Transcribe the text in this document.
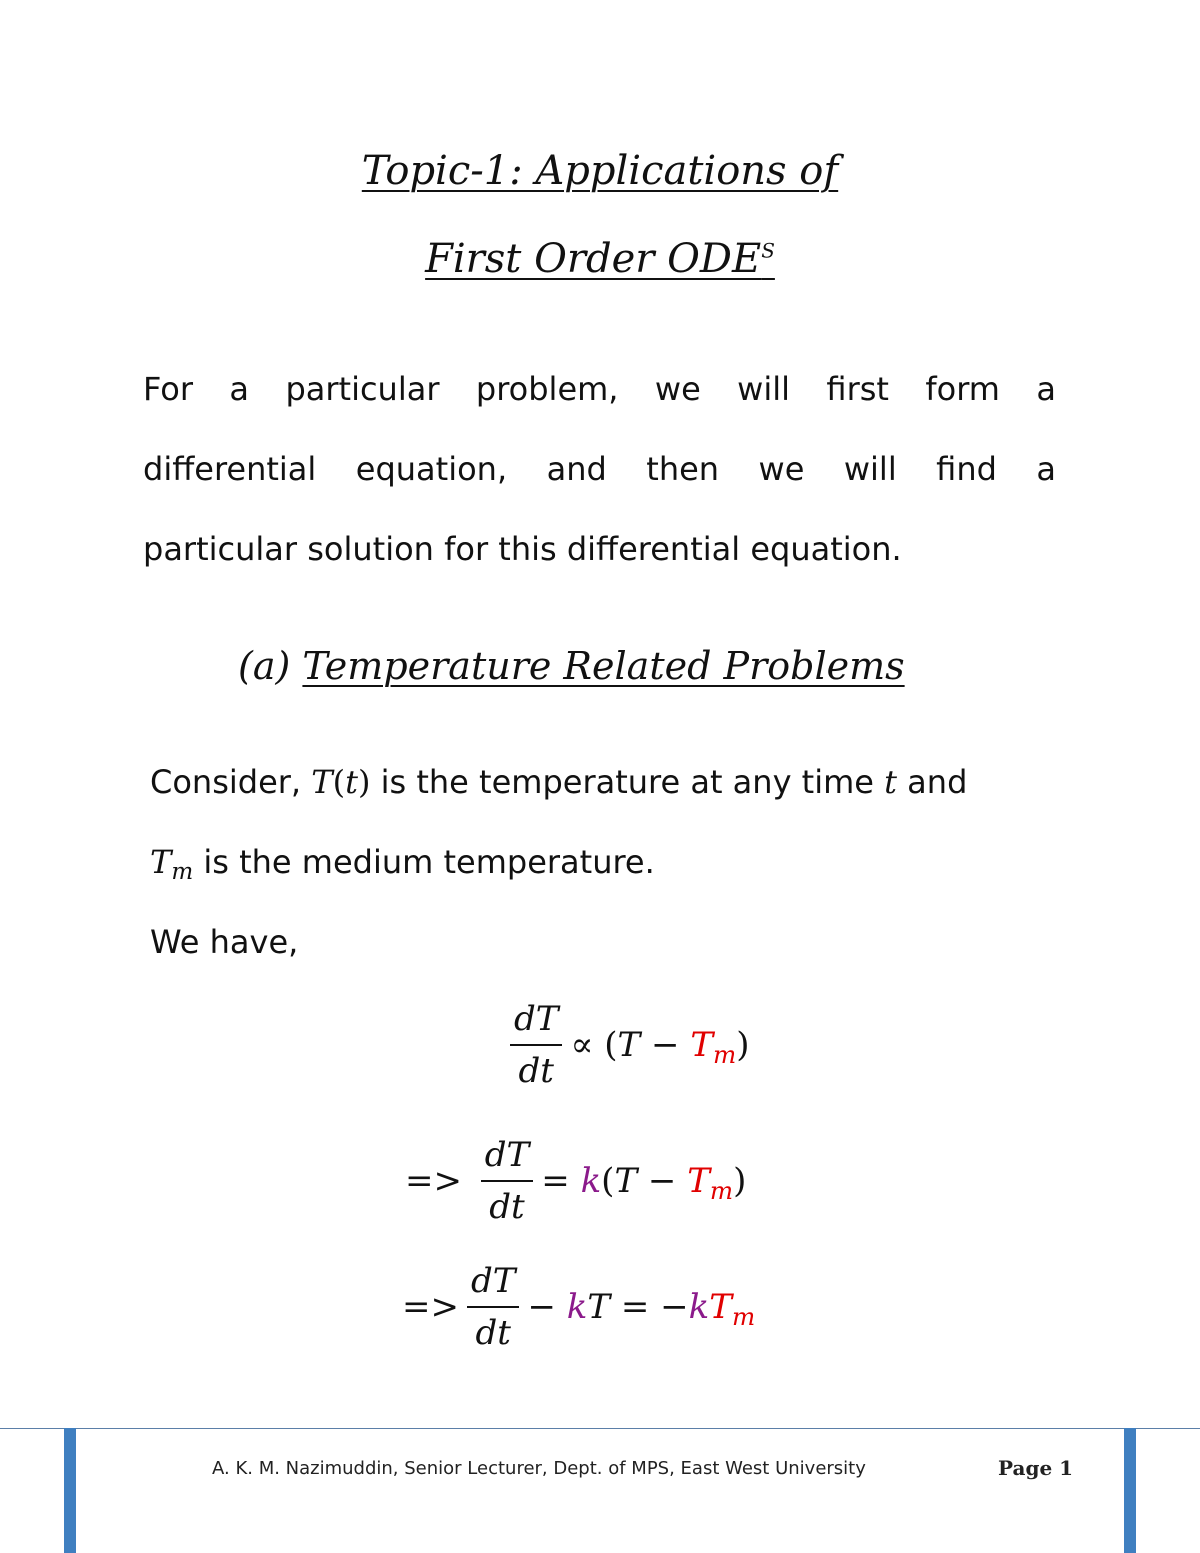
Topic-1: Applications of
First Order $ODE^S$
For a particular problem, we will first form a
differential equation, and then we will find a
particular solution for this differential equation.
(a) Temperature Related Problems
Consider, T(t) is the temperature at any time t and
$T_m$ is the medium temperature.
We have,
$\frac{dT}{dt}$ ∝
( $T - T_m$ )
=>
$\frac{dT}{dt}$ =
k ( $T - T_m$ )
=> $\frac{dT}{dt}$ −
k T = − k $T_m$
A. K. M. Nazimuddin, Senior Lecturer, Dept. of MPS, East West University	Page 1
